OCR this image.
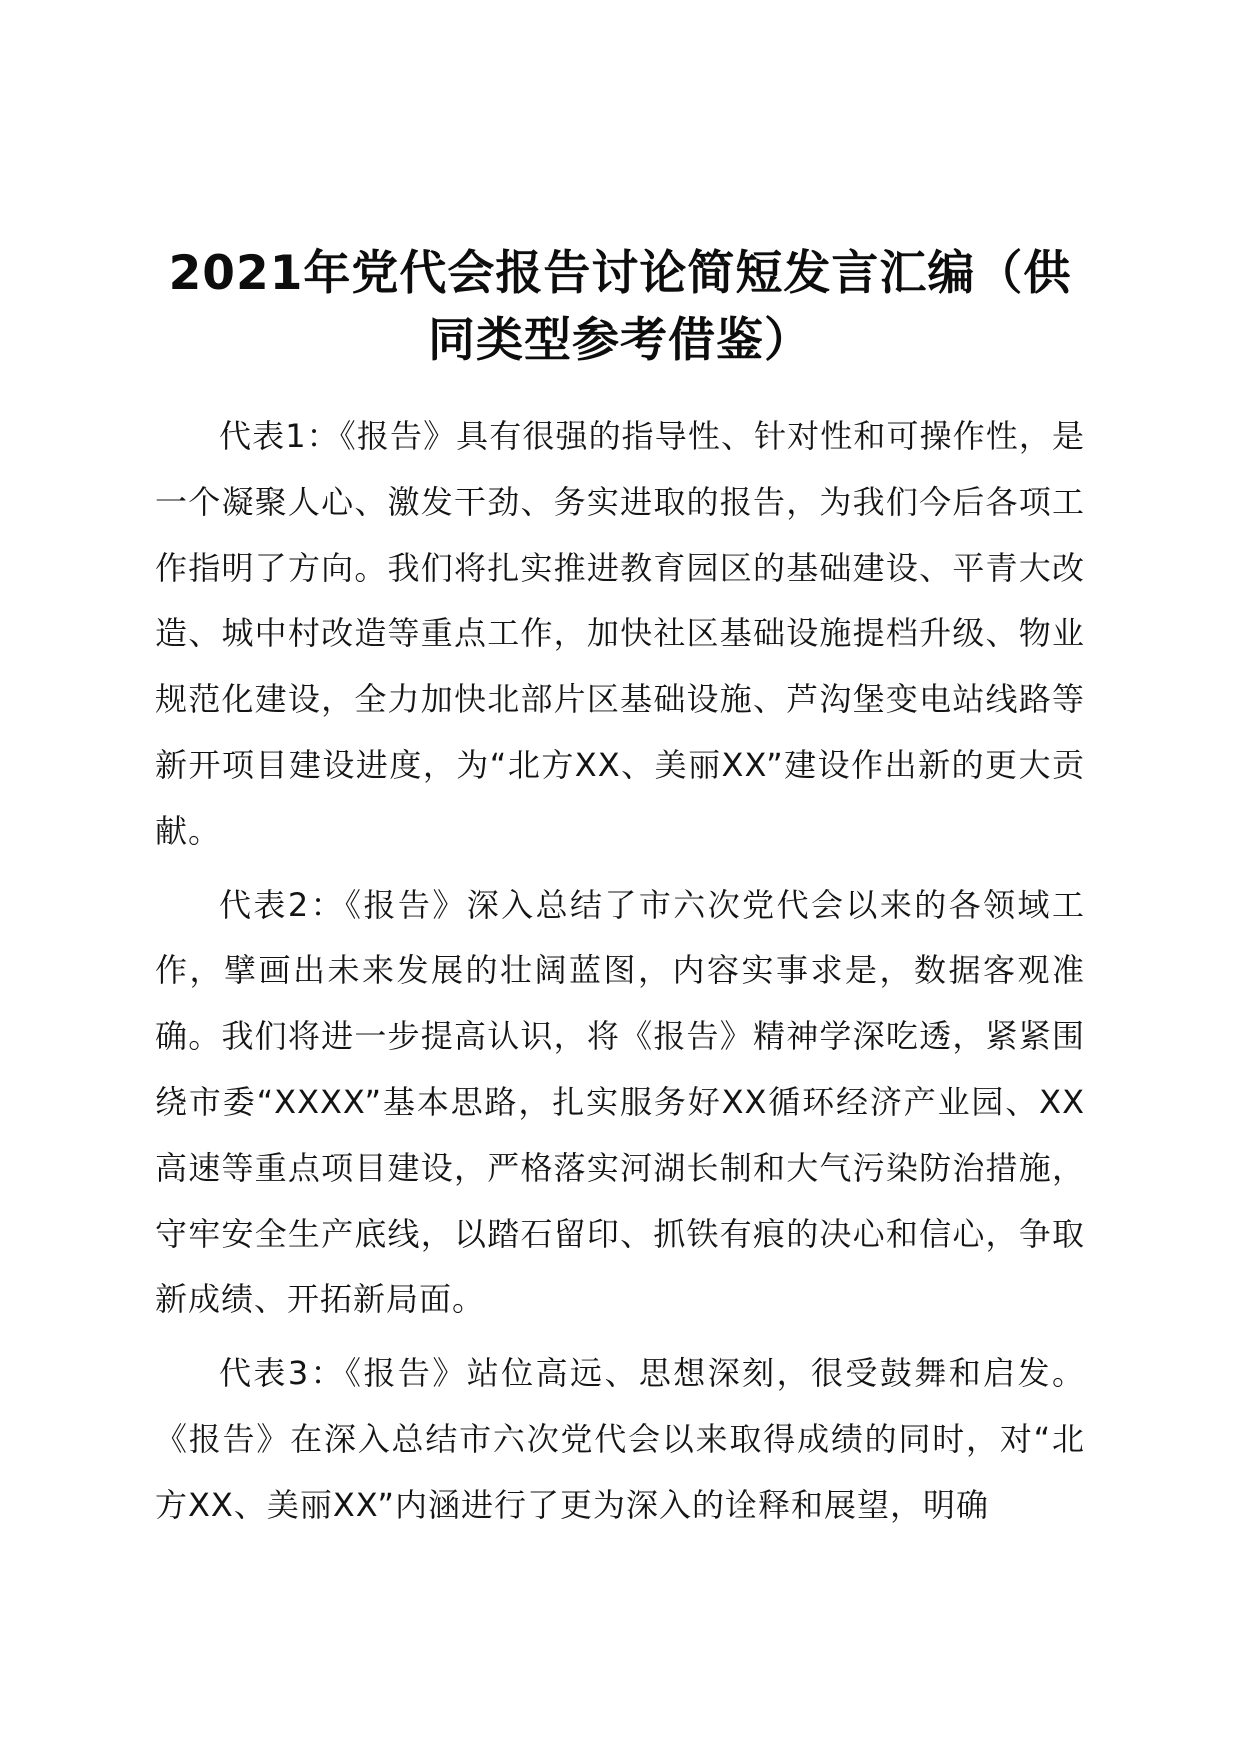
2021年党代会报告讨论简短发言汇编（供同类型参考借鉴）

代表1：《报告》具有很强的指导性、针对性和可操作性，是一个凝聚人心、激发干劲、务实进取的报告，为我们今后各项工作指明了方向。我们将扎实推进教育园区的基础建设、平青大改造、城中村改造等重点工作，加快社区基础设施提档升级、物业规范化建设，全力加快北部片区基础设施、芦沟堡变电站线路等新开项目建设进度，为“北方XX、美丽XX”建设作出新的更大贡献。

代表2：《报告》深入总结了市六次党代会以来的各领域工作，擘画出未来发展的壮阔蓝图，内容实事求是，数据客观准确。我们将进一步提高认识，将《报告》精神学深吃透，紧紧围绕市委“XXXX”基本思路，扎实服务好XX循环经济产业园、XX高速等重点项目建设，严格落实河湖长制和大气污染防治措施，守牢安全生产底线，以踏石留印、抓铁有痕的决心和信心，争取新成绩、开拓新局面。

代表3：《报告》站位高远、思想深刻，很受鼓舞和启发。《报告》在深入总结市六次党代会以来取得成绩的同时，对“北方XX、美丽XX”内涵进行了更为深入的诠释和展望，明确
